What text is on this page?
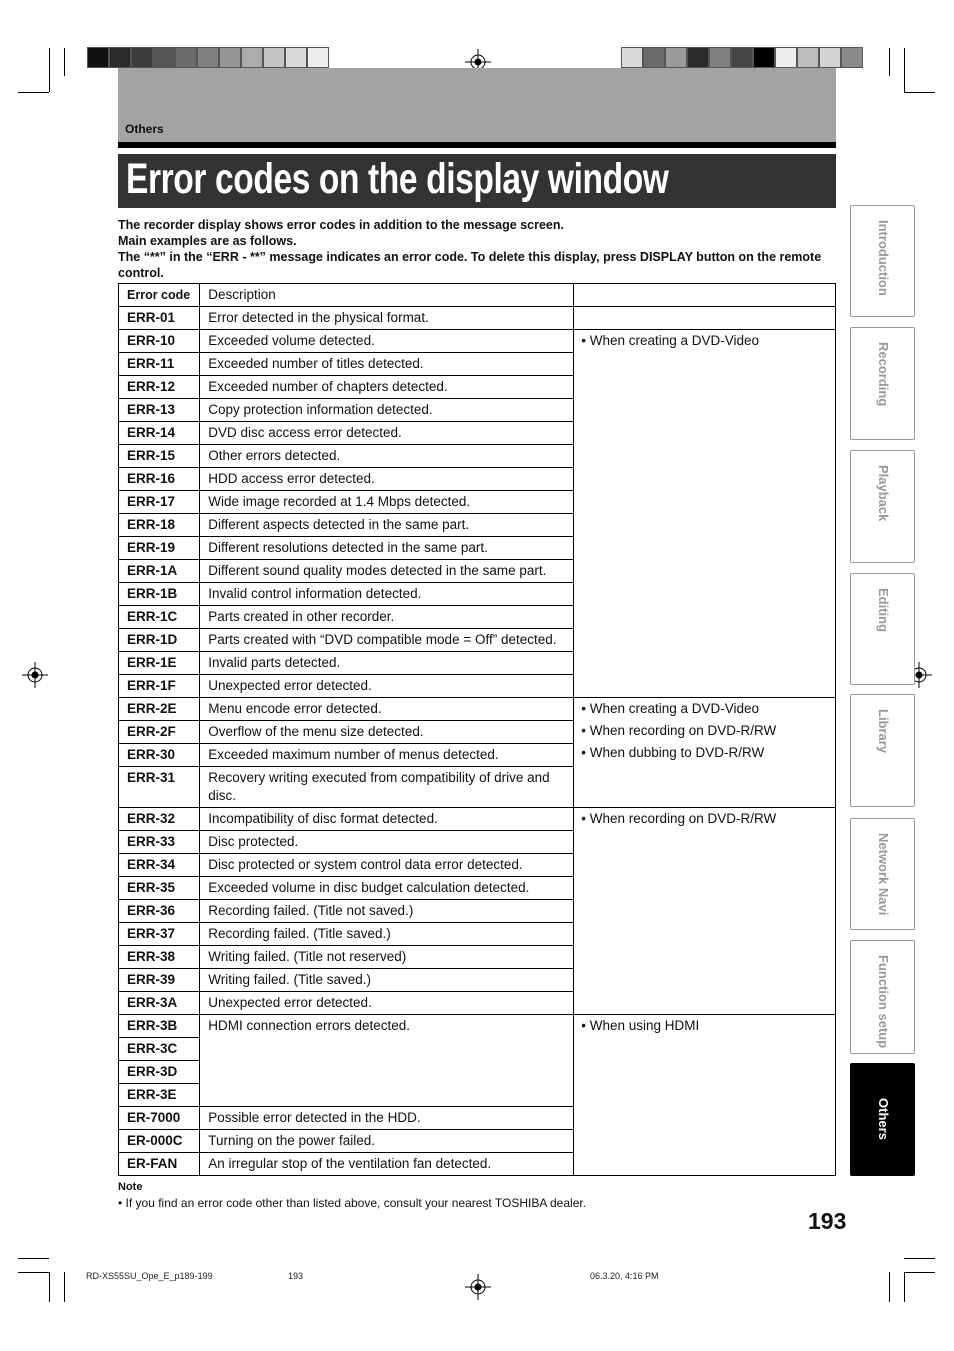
Others
Error codes on the display window
The recorder display shows error codes in addition to the message screen.
Main examples are as follows.
The “**” in the “ERR - **” message indicates an error code. To delete this display, press DISPLAY button on the remote control.
Error code	Description	
ERR-01	Error detected in the physical format.	
ERR-10	Exceeded volume detected.	• When creating a DVD-Video
ERR-11	Exceeded number of titles detected.	
ERR-12	Exceeded number of chapters detected.	
ERR-13	Copy protection information detected.	
ERR-14	DVD disc access error detected.	
ERR-15	Other errors detected.	
ERR-16	HDD access error detected.	
ERR-17	Wide image recorded at 1.4 Mbps detected.	
ERR-18	Different aspects detected in the same part.	
ERR-19	Different resolutions detected in the same part.	
ERR-1A	Different sound quality modes detected in the same part.	
ERR-1B	Invalid control information detected.	
ERR-1C	Parts created in other recorder.	
ERR-1D	Parts created with “DVD compatible mode = Off” detected.	
ERR-1E	Invalid parts detected.	
ERR-1F	Unexpected error detected.	
ERR-2E	Menu encode error detected.	• When creating a DVD-Video
• When recording on DVD-R/RW
• When dubbing to DVD-R/RW

ERR-2F	Overflow of the menu size detected.	
ERR-30	Exceeded maximum number of menus detected.	
ERR-31	Recovery writing executed from compatibility of drive and disc.	
ERR-32	Incompatibility of disc format detected.	• When recording on DVD-R/RW
ERR-33	Disc protected.	
ERR-34	Disc protected or system control data error detected.	
ERR-35	Exceeded volume in disc budget calculation detected.	
ERR-36	Recording failed. (Title not saved.)	
ERR-37	Recording failed. (Title saved.)	
ERR-38	Writing failed. (Title not reserved)	
ERR-39	Writing failed. (Title saved.)	
ERR-3A	Unexpected error detected.	
ERR-3B	HDMI connection errors detected.	• When using HDMI
ERR-3C		
ERR-3D		
ERR-3E		
ER-7000	Possible error detected in the HDD.	
ER-000C	Turning on the power failed.	
ER-FAN	An irregular stop of the ventilation fan detected.	
Introduction
Recording
Playback
Editing
Library
Network Navi
Function setup
Others
Note
• If you find an error code other than listed above, consult your nearest TOSHIBA dealer.
193
RD-XS55SU_Ope_E_p189-199	193	06.3.20, 4:16 PM
